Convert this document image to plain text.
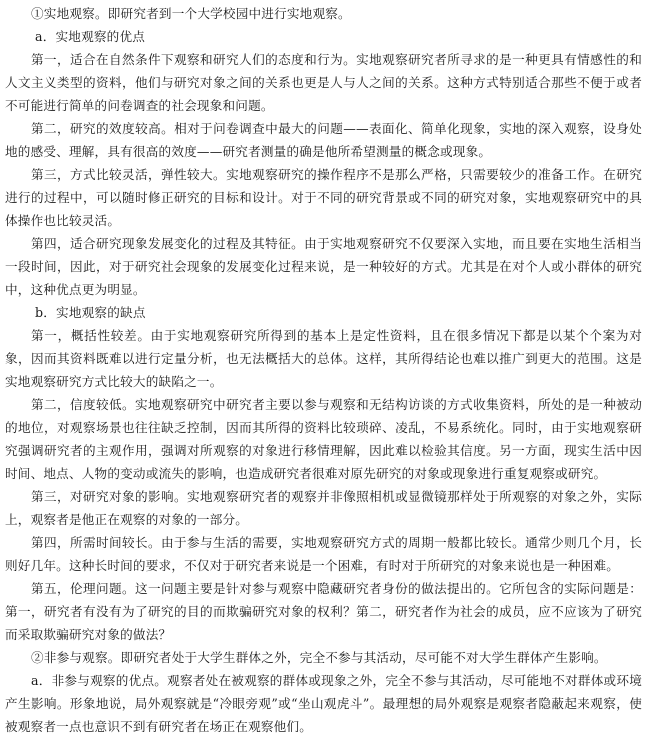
①实地观察。即研究者到一个大学校园中进行实地观察。

a．实地观察的优点

第一，适合在自然条件下观察和研究人们的态度和行为。实地观察研究者所寻求的是一种更具有情感性的和人文主义类型的资料，他们与研究对象之间的关系也更是人与人之间的关系。这种方式特别适合那些不便于或者不可能进行简单的问卷调查的社会现象和问题。

第二，研究的效度较高。相对于问卷调查中最大的问题——表面化、简单化现象，实地的深入观察，设身处地的感受、理解，具有很高的效度——研究者测量的确是他所希望测量的概念或现象。

第三，方式比较灵活，弹性较大。实地观察研究的操作程序不是那么严格，只需要较少的准备工作。在研究进行的过程中，可以随时修正研究的目标和设计。对于不同的研究背景或不同的研究对象，实地观察研究中的具体操作也比较灵活。

第四，适合研究现象发展变化的过程及其特征。由于实地观察研究不仅要深入实地，而且要在实地生活相当一段时间，因此，对于研究社会现象的发展变化过程来说，是一种较好的方式。尤其是在对个人或小群体的研究中，这种优点更为明显。

b．实地观察的缺点

第一，概括性较差。由于实地观察研究所得到的基本上是定性资料，且在很多情况下都是以某个个案为对象，因而其资料既难以进行定量分析，也无法概括大的总体。这样，其所得结论也难以推广到更大的范围。这是实地观察研究方式比较大的缺陷之一。

第二，信度较低。实地观察研究中研究者主要以参与观察和无结构访谈的方式收集资料，所处的是一种被动的地位，对观察场景也往往缺乏控制，因而其所得的资料比较琐碎、凌乱，不易系统化。同时，由于实地观察研究强调研究者的主观作用，强调对所观察的对象进行移情理解，因此难以检验其信度。另一方面，现实生活中因时间、地点、人物的变动或流失的影响，也造成研究者很难对原先研究的对象或现象进行重复观察或研究。

第三，对研究对象的影响。实地观察研究者的观察并非像照相机或显微镜那样处于所观察的对象之外，实际上，观察者是他正在观察的对象的一部分。

第四，所需时间较长。由于参与生活的需要，实地观察研究方式的周期一般都比较长。通常少则几个月，长则好几年。这种长时间的要求，不仅对于研究者来说是一个困难，有时对于所研究的对象来说也是一种困难。

第五，伦理问题。这一问题主要是针对参与观察中隐藏研究者身份的做法提出的。它所包含的实际问题是：第一，研究者有没有为了研究的目的而欺骗研究对象的权利？第二，研究者作为社会的成员，应不应该为了研究而采取欺骗研究对象的做法？

②非参与观察。即研究者处于大学生群体之外，完全不参与其活动，尽可能不对大学生群体产生影响。

a．非参与观察的优点。观察者处在被观察的群体或现象之外，完全不参与其活动，尽可能地不对群体或环境产生影响。形象地说，局外观察就是“冷眼旁观”或“坐山观虎斗”。最理想的局外观察是观察者隐蔽起来观察，使被观察者一点也意识不到有研究者在场正在观察他们。
